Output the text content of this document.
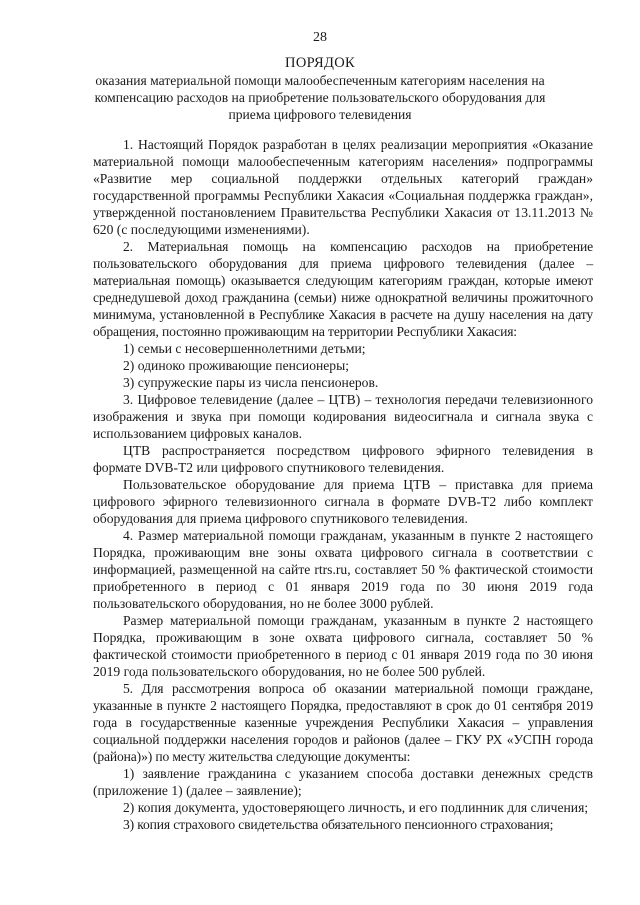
28
ПОРЯДОК
оказания материальной помощи малообеспеченным категориям населения на компенсацию расходов на приобретение пользовательского оборудования для приема цифрового телевидения

1. Настоящий Порядок разработан в целях реализации мероприятия «Оказание материальной помощи малообеспеченным категориям населения» подпрограммы «Развитие мер социальной поддержки отдельных категорий граждан» государственной программы Республики Хакасия «Социальная поддержка граждан», утвержденной постановлением Правительства Республики Хакасия от 13.11.2013 № 620 (с последующими изменениями).

2. Материальная помощь на компенсацию расходов на приобретение пользовательского оборудования для приема цифрового телевидения (далее – материальная помощь) оказывается следующим категориям граждан, которые имеют среднедушевой доход гражданина (семьи) ниже однократной величины прожиточного минимума, установленной в Республике Хакасия в расчете на душу населения на дату обращения, постоянно проживающим на территории Республики Хакасия:

1) семьи с несовершеннолетними детьми;

2) одиноко проживающие пенсионеры;

3) супружеские пары из числа пенсионеров.

3. Цифровое телевидение (далее – ЦТВ) – технология передачи телевизионного изображения и звука при помощи кодирования видеосигнала и сигнала звука с использованием цифровых каналов.

ЦТВ распространяется посредством цифрового эфирного телевидения в формате DVB-T2 или цифрового спутникового телевидения.

Пользовательское оборудование для приема ЦТВ – приставка для приема цифрового эфирного телевизионного сигнала в формате DVB-T2 либо комплект оборудования для приема цифрового спутникового телевидения.

4. Размер материальной помощи гражданам, указанным в пункте 2 настоящего Порядка, проживающим вне зоны охвата цифрового сигнала в соответствии с информацией, размещенной на сайте rtrs.ru, составляет 50 % фактической стоимости приобретенного в период с 01 января 2019 года по 30 июня 2019 года пользовательского оборудования, но не более 3000 рублей.

Размер материальной помощи гражданам, указанным в пункте 2 настоящего Порядка, проживающим в зоне охвата цифрового сигнала, составляет 50 % фактической стоимости приобретенного в период с 01 января 2019 года по 30 июня 2019 года пользовательского оборудования, но не более 500 рублей.

5. Для рассмотрения вопроса об оказании материальной помощи граждане, указанные в пункте 2 настоящего Порядка, предоставляют в срок до 01 сентября 2019 года в государственные казенные учреждения Республики Хакасия – управления социальной поддержки населения городов и районов (далее – ГКУ РХ «УСПН города (района)») по месту жительства следующие документы:

1) заявление гражданина с указанием способа доставки денежных средств (приложение 1) (далее – заявление);

2) копия документа, удостоверяющего личность, и его подлинник для сличения;

3) копия страхового свидетельства обязательного пенсионного страхования;
